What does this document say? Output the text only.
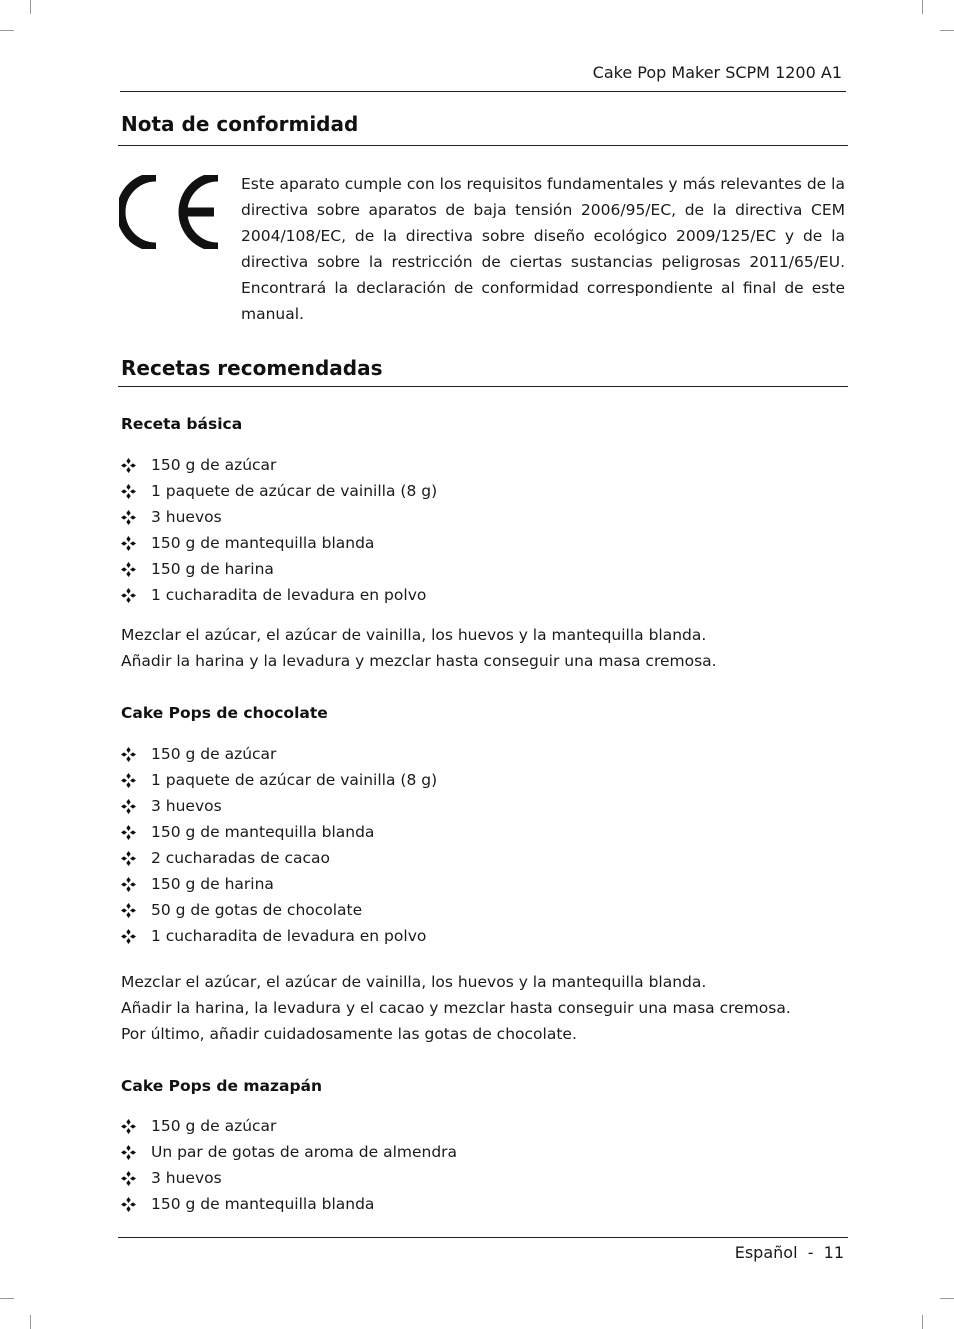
Cake Pop Maker SCPM 1200 A1
Nota de conformidad
Este aparato cumple con los requisitos fundamentales y más relevantes de la
directiva sobre aparatos de baja tensión 2006/95/EC, de la directiva CEM
2004/108/EC, de la directiva sobre diseño ecológico 2009/125/EC y de la
directiva sobre la restricción de ciertas sustancias peligrosas 2011/65/EU.
Encontrará la declaración de conformidad correspondiente al final de este
manual.
Recetas recomendadas
Receta básica
150 g de azúcar
1 paquete de azúcar de vainilla (8 g)
3 huevos
150 g de mantequilla blanda
150 g de harina
1 cucharadita de levadura en polvo
Mezclar el azúcar, el azúcar de vainilla, los huevos y la mantequilla blanda.
Añadir la harina y la levadura y mezclar hasta conseguir una masa cremosa.
Cake Pops de chocolate
150 g de azúcar
1 paquete de azúcar de vainilla (8 g)
3 huevos
150 g de mantequilla blanda
2 cucharadas de cacao
150 g de harina
50 g de gotas de chocolate
1 cucharadita de levadura en polvo
Mezclar el azúcar, el azúcar de vainilla, los huevos y la mantequilla blanda.
Añadir la harina, la levadura y el cacao y mezclar hasta conseguir una masa cremosa.
Por último, añadir cuidadosamente las gotas de chocolate.
Cake Pops de mazapán
150 g de azúcar
Un par de gotas de aroma de almendra
3 huevos
150 g de mantequilla blanda
Español  -  11
